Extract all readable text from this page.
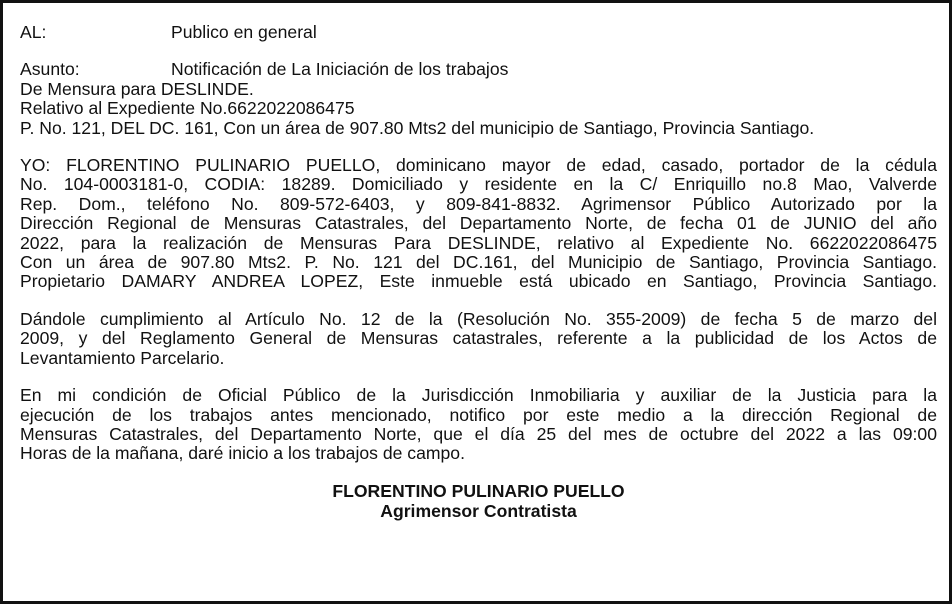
AL:	Publico en general
Asunto:	Notificación de La Iniciación de los trabajos
De Mensura para DESLINDE.
Relativo al Expediente No.6622022086475
P. No. 121, DEL DC. 161, Con un área de 907.80 Mts2 del municipio de Santiago, Provincia Santiago.
YO: FLORENTINO PULINARIO PUELLO, dominicano mayor de edad, casado, portador de la cédula
No. 104-0003181-0, CODIA: 18289. Domiciliado y residente en la C/ Enriquillo no.8 Mao, Valverde
Rep. Dom., teléfono No. 809-572-6403, y 809-841-8832. Agrimensor Público Autorizado por la
Dirección Regional de Mensuras Catastrales, del Departamento Norte, de fecha 01 de JUNIO del año
2022, para la realización de Mensuras Para DESLINDE, relativo al Expediente No. 6622022086475
Con un área de 907.80 Mts2. P. No. 121 del DC.161, del Municipio de Santiago, Provincia Santiago.
Propietario DAMARY ANDREA LOPEZ, Este inmueble está ubicado en Santiago, Provincia Santiago.
Dándole cumplimiento al Artículo No. 12 de la (Resolución No. 355-2009) de fecha 5 de marzo del
2009, y del Reglamento General de Mensuras catastrales, referente a la publicidad de los Actos de
Levantamiento Parcelario.
En mi condición de Oficial Público de la Jurisdicción Inmobiliaria y auxiliar de la Justicia para la
ejecución de los trabajos antes mencionado, notifico por este medio a la dirección Regional de
Mensuras Catastrales, del Departamento Norte, que el día 25 del mes de octubre del 2022 a las 09:00
Horas de la mañana, daré inicio a los trabajos de campo.
FLORENTINO PULINARIO PUELLO
Agrimensor Contratista
